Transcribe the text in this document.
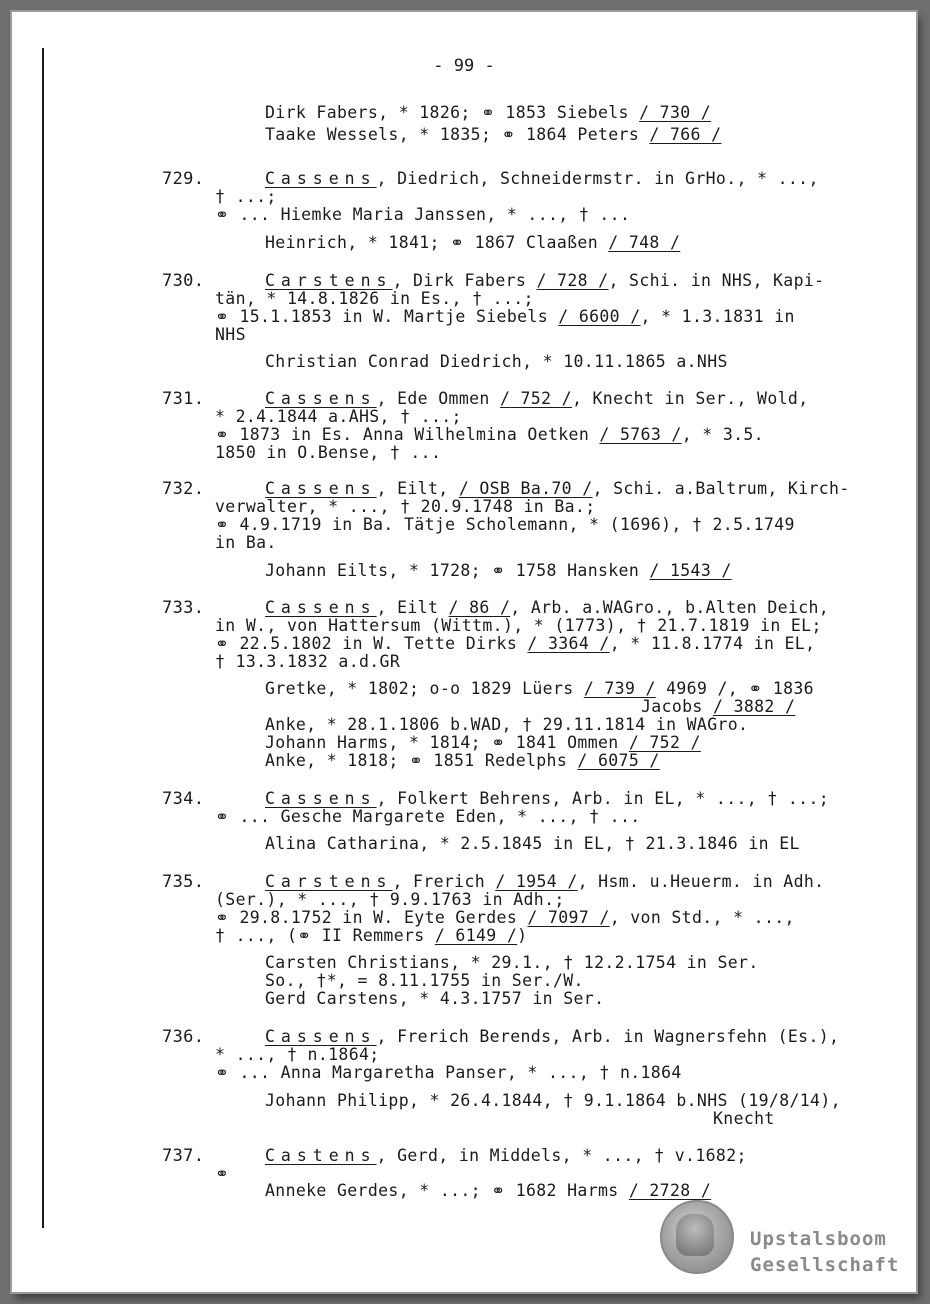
- 99 -
Dirk Fabers, * 1826; ⚭ 1853 Siebels / 730 /
Taake Wessels, * 1835; ⚭ 1864 Peters / 766 /
729.	Cassens, Diedrich, Schneidermstr. in GrHo., * ...,
† ...;
⚭ ... Hiemke Maria Janssen, * ..., † ...
Heinrich, * 1841; ⚭ 1867 Claaßen / 748 /
730.	Carstens, Dirk Fabers / 728 /, Schi. in NHS, Kapi-
tän, * 14.8.1826 in Es., † ...;
⚭ 15.1.1853 in W. Martje Siebels / 6600 /, * 1.3.1831 in
NHS
Christian Conrad Diedrich, * 10.11.1865 a.NHS
731.	Cassens, Ede Ommen / 752 /, Knecht in Ser., Wold,
* 2.4.1844 a.AHS, † ...;
⚭ 1873 in Es. Anna Wilhelmina Oetken / 5763 /, * 3.5.
1850 in O.Bense, † ...
732.	Cassens, Eilt, / OSB Ba.70 /, Schi. a.Baltrum, Kirch-
verwalter, * ..., † 20.9.1748 in Ba.;
⚭ 4.9.1719 in Ba. Tätje Scholemann, * (1696), † 2.5.1749
in Ba.
Johann Eilts, * 1728; ⚭ 1758 Hansken / 1543 /
733.	Cassens, Eilt / 86 /, Arb. a.WAGro., b.Alten Deich,
in W., von Hattersum (Wittm.), * (1773), † 21.7.1819 in EL;
⚭ 22.5.1802 in W. Tette Dirks / 3364 /, * 11.8.1774 in EL,
† 13.3.1832 a.d.GR
Gretke, * 1802; o-o 1829 Lüers / 739 / 4969 /, ⚭ 1836
Jacobs / 3882 /
Anke, * 28.1.1806 b.WAD, † 29.11.1814 in WAGro.
Johann Harms, * 1814; ⚭ 1841 Ommen / 752 /
Anke, * 1818; ⚭ 1851 Redelphs / 6075 /
734.	Cassens, Folkert Behrens, Arb. in EL, * ..., † ...;
⚭ ... Gesche Margarete Eden, * ..., † ...
Alina Catharina, * 2.5.1845 in EL, † 21.3.1846 in EL
735.	Carstens, Frerich / 1954 /, Hsm. u.Heuerm. in Adh.
(Ser.), * ..., † 9.9.1763 in Adh.;
⚭ 29.8.1752 in W. Eyte Gerdes / 7097 /, von Std., * ...,
† ..., (⚭ II Remmers / 6149 /)
Carsten Christians, * 29.1., † 12.2.1754 in Ser.
So., †*, = 8.11.1755 in Ser./W.
Gerd Carstens, * 4.3.1757 in Ser.
736.	Cassens, Frerich Berends, Arb. in Wagnersfehn (Es.),
* ..., † n.1864;
⚭ ... Anna Margaretha Panser, * ..., † n.1864
Johann Philipp, * 26.4.1844, † 9.1.1864 b.NHS (19/8/14),
Knecht
737.	Castens, Gerd, in Middels, * ..., † v.1682;
⚭
Anneke Gerdes, * ...; ⚭ 1682 Harms / 2728 /
Upstalsboom
Gesellschaft
